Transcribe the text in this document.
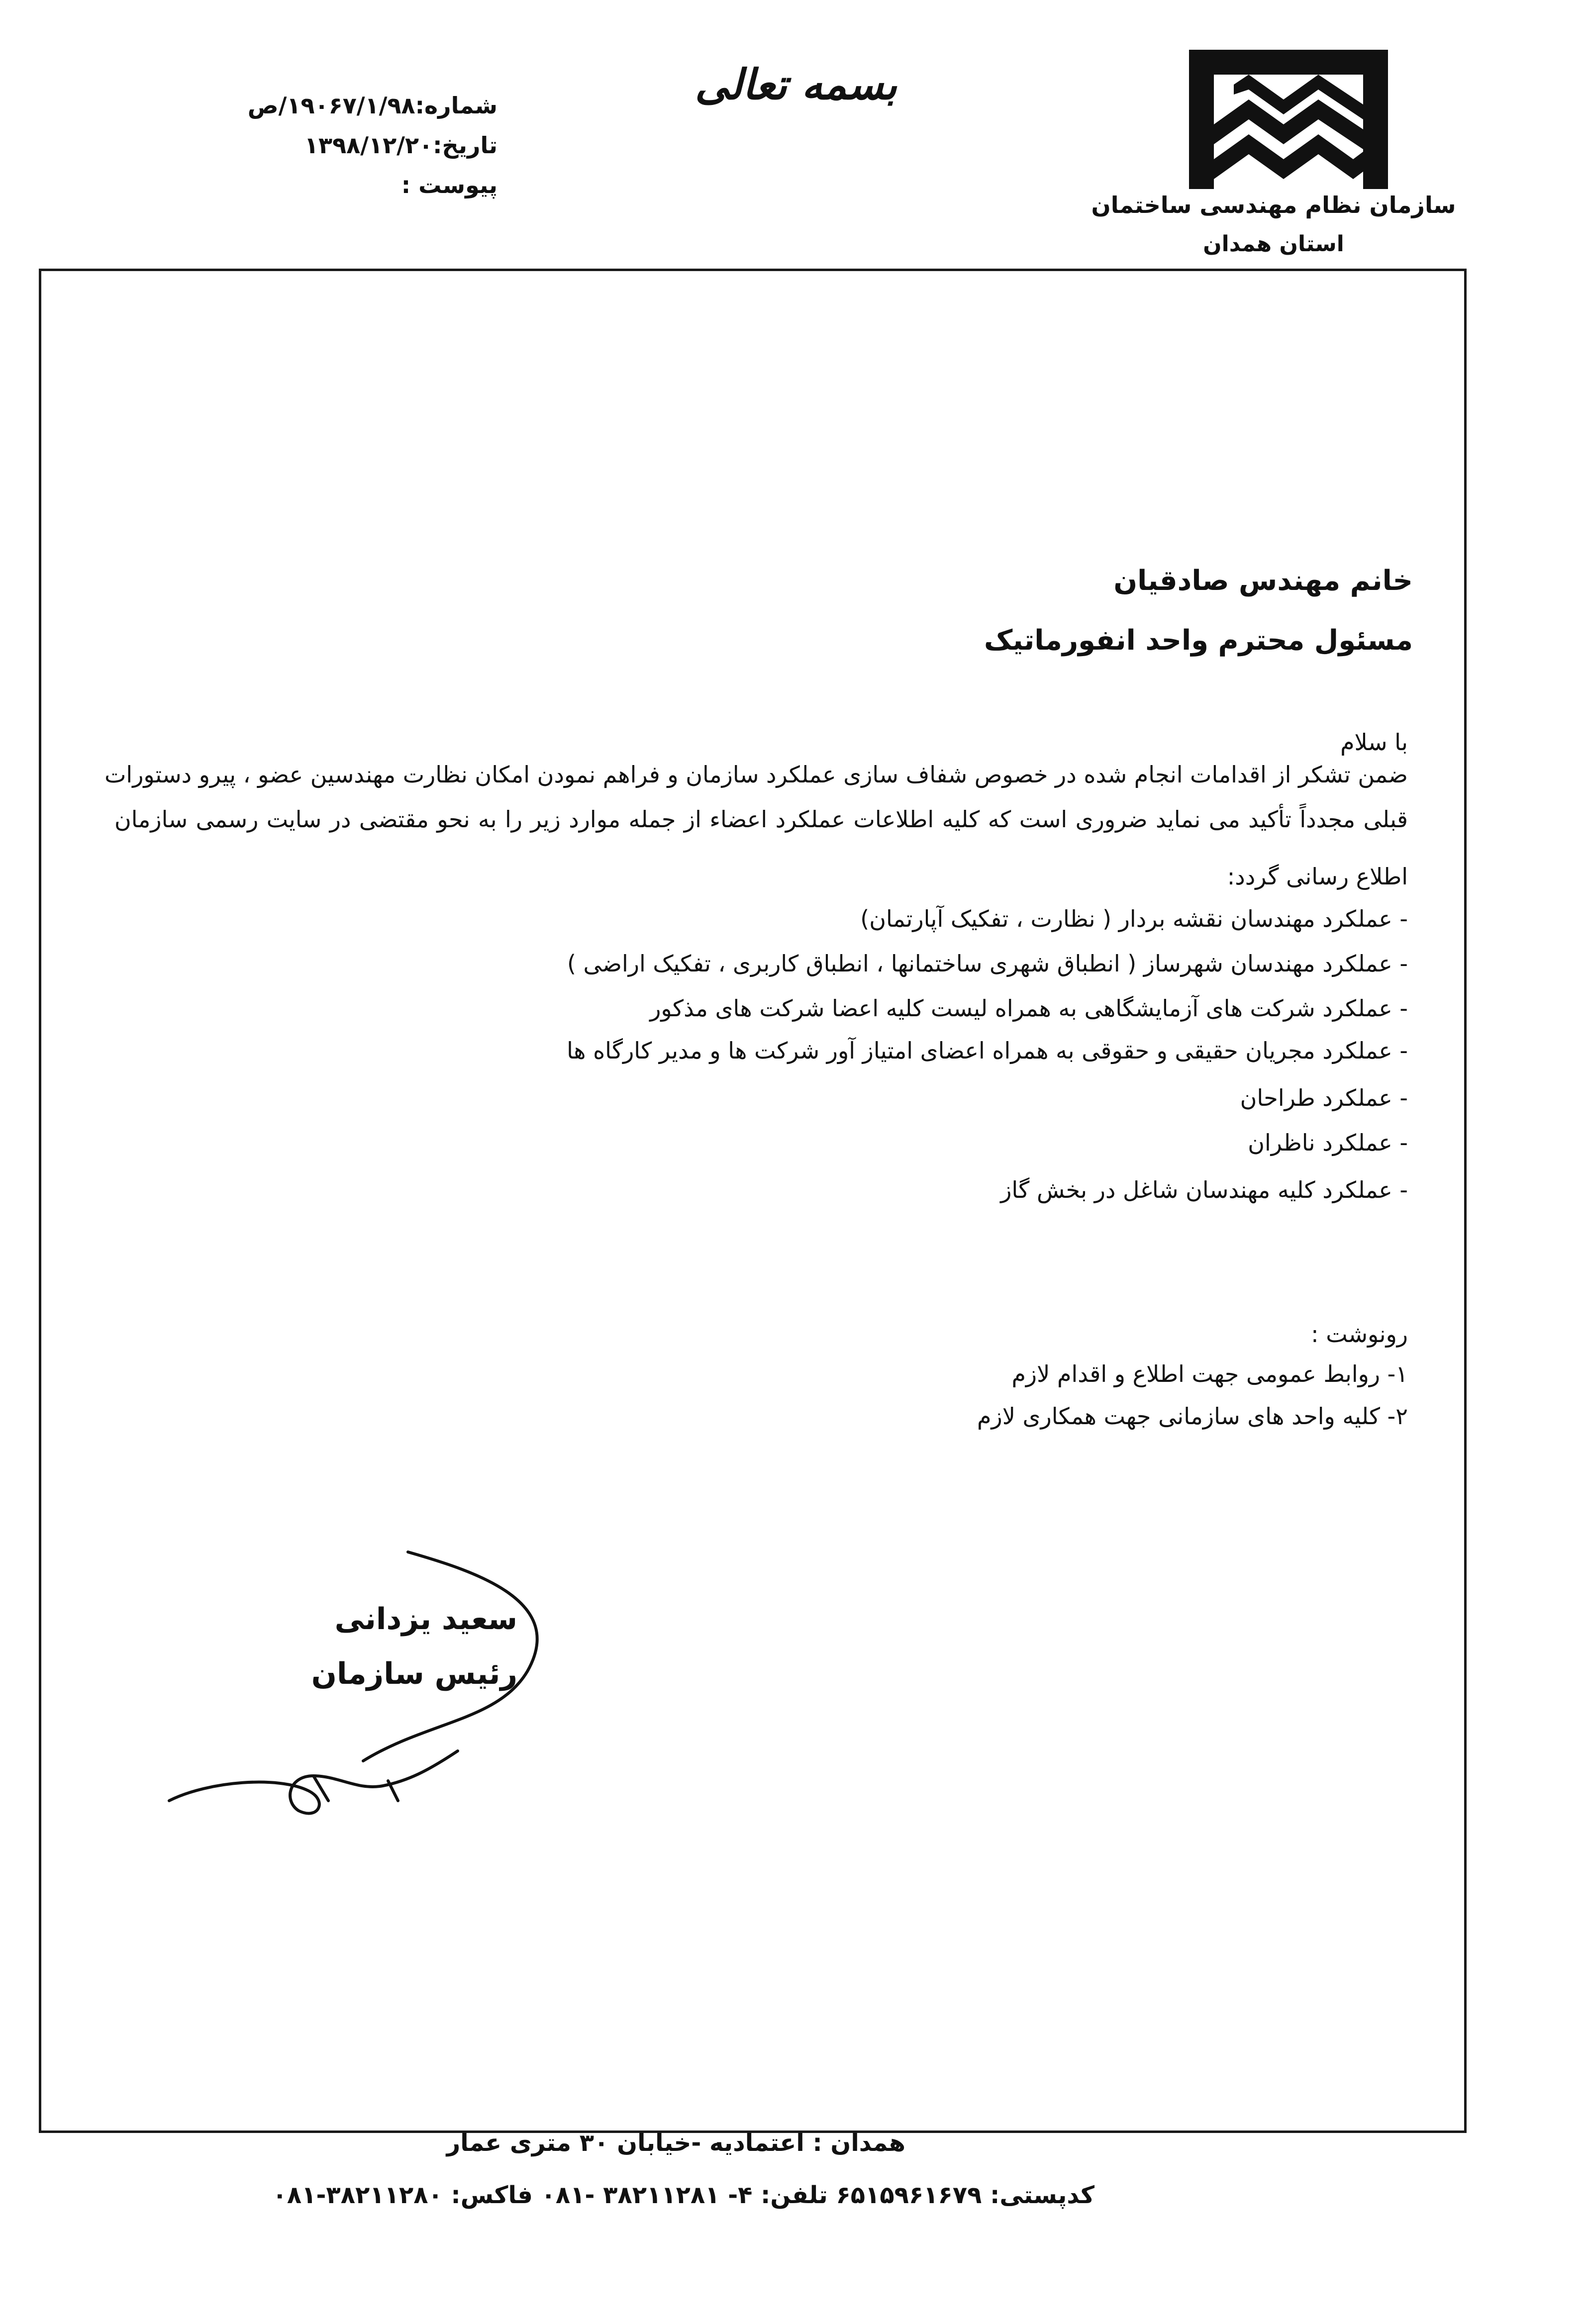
سازمان نظام مهندسی ساختمان
استان همدان
بسمه تعالی
شماره:۱۹۰۶۷/۱/۹۸/ص
تاریخ:۱۳۹۸/۱۲/۲۰
پیوست :
خانم مهندس صادقیان
مسئول محترم واحد انفورماتیک
با سلام
ضمن تشکر از اقدامات انجام شده در خصوص شفاف سازی عملکرد سازمان و فراهم نمودن امکان نظارت مهندسین عضو ، پیرو دستورات
قبلی مجدداً تأکید می نماید ضروری است که کلیه اطلاعات عملکرد اعضاء از جمله موارد زیر را به نحو مقتضی در سایت رسمی سازمان
اطلاع رسانی گردد:
- عملکرد مهندسان نقشه بردار ( نظارت ، تفکیک آپارتمان)
- عملکرد مهندسان شهرساز ( انطباق شهری ساختمانها ، انطباق کاربری ، تفکیک اراضی )
- عملکرد شرکت های آزمایشگاهی به همراه لیست کلیه اعضا شرکت های مذکور
- عملکرد مجریان حقیقی و حقوقی به همراه اعضای امتیاز آور شرکت ها و مدیر کارگاه ها
- عملکرد طراحان
- عملکرد ناظران
- عملکرد کلیه مهندسان شاغل در بخش گاز
رونوشت :
۱- روابط عمومی جهت اطلاع و اقدام لازم
۲- کلیه واحد های سازمانی جهت همکاری لازم
سعید یزدانی
رئیس سازمان
همدان : اعتمادیه -خیابان ۳۰ متری عمار
کدپستی: ۶۵۱۵۹۶۱۶۷۹ تلفن: ۴- ۳۸۲۱۱۲۸۱ -۰۸۱ فاکس: ۳۸۲۱۱۲۸۰-۰۸۱
